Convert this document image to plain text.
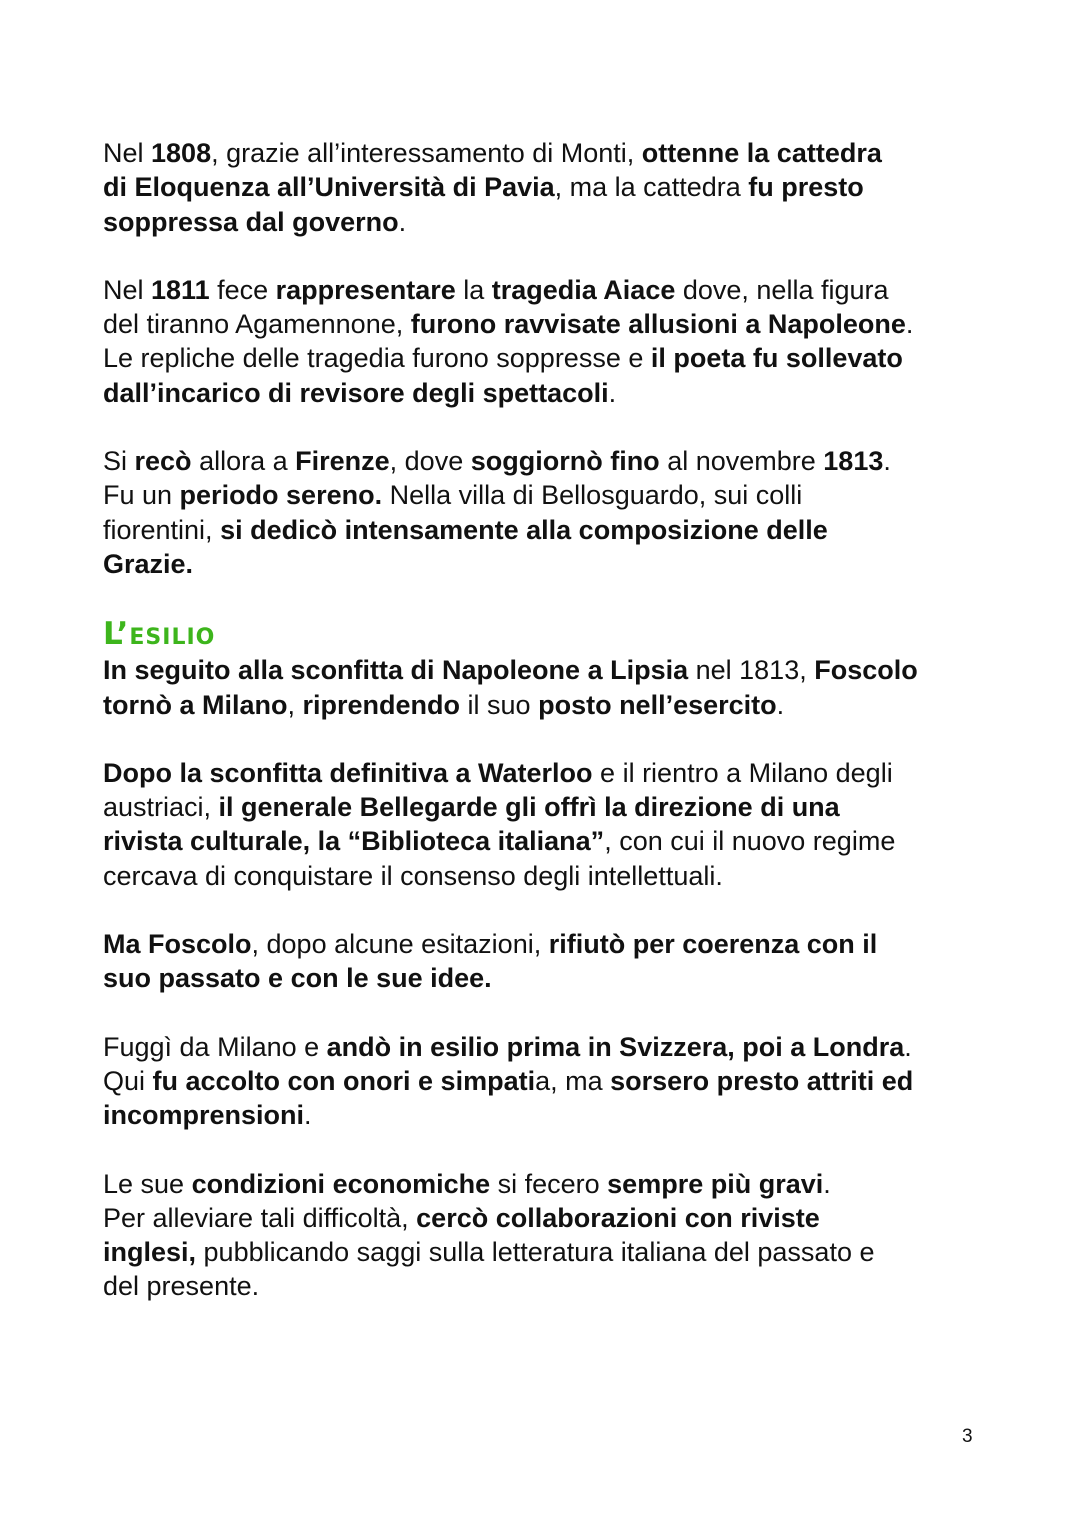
Nel 1808, grazie all’interessamento di Monti, ottenne la cattedra
di Eloquenza all’Università di Pavia, ma la cattedra fu presto
soppressa dal governo.
Nel 1811 fece rappresentare la tragedia Aiace dove, nella figura
del tiranno Agamennone, furono ravvisate allusioni a Napoleone.
Le repliche delle tragedia furono soppresse e il poeta fu sollevato
dall’incarico di revisore degli spettacoli.
Si recò allora a Firenze, dove soggiornò fino al novembre 1813.
Fu un periodo sereno. Nella villa di Bellosguardo, sui colli
fiorentini, si dedicò intensamente alla composizione delle
Grazie.
L’esilio
In seguito alla sconfitta di Napoleone a Lipsia nel 1813, Foscolo
tornò a Milano, riprendendo il suo posto nell’esercito.
Dopo la sconfitta definitiva a Waterloo e il rientro a Milano degli
austriaci, il generale Bellegarde gli offrì la direzione di una
rivista culturale, la “Biblioteca italiana”, con cui il nuovo regime
cercava di conquistare il consenso degli intellettuali.
Ma Foscolo, dopo alcune esitazioni, rifiutò per coerenza con il
suo passato e con le sue idee.
Fuggì da Milano e andò in esilio prima in Svizzera, poi a Londra.
Qui fu accolto con onori e simpatia, ma sorsero presto attriti ed
incomprensioni.
Le sue condizioni economiche si fecero sempre più gravi.
Per alleviare tali difficoltà, cercò collaborazioni con riviste
inglesi, pubblicando saggi sulla letteratura italiana del passato e
del presente.
3
